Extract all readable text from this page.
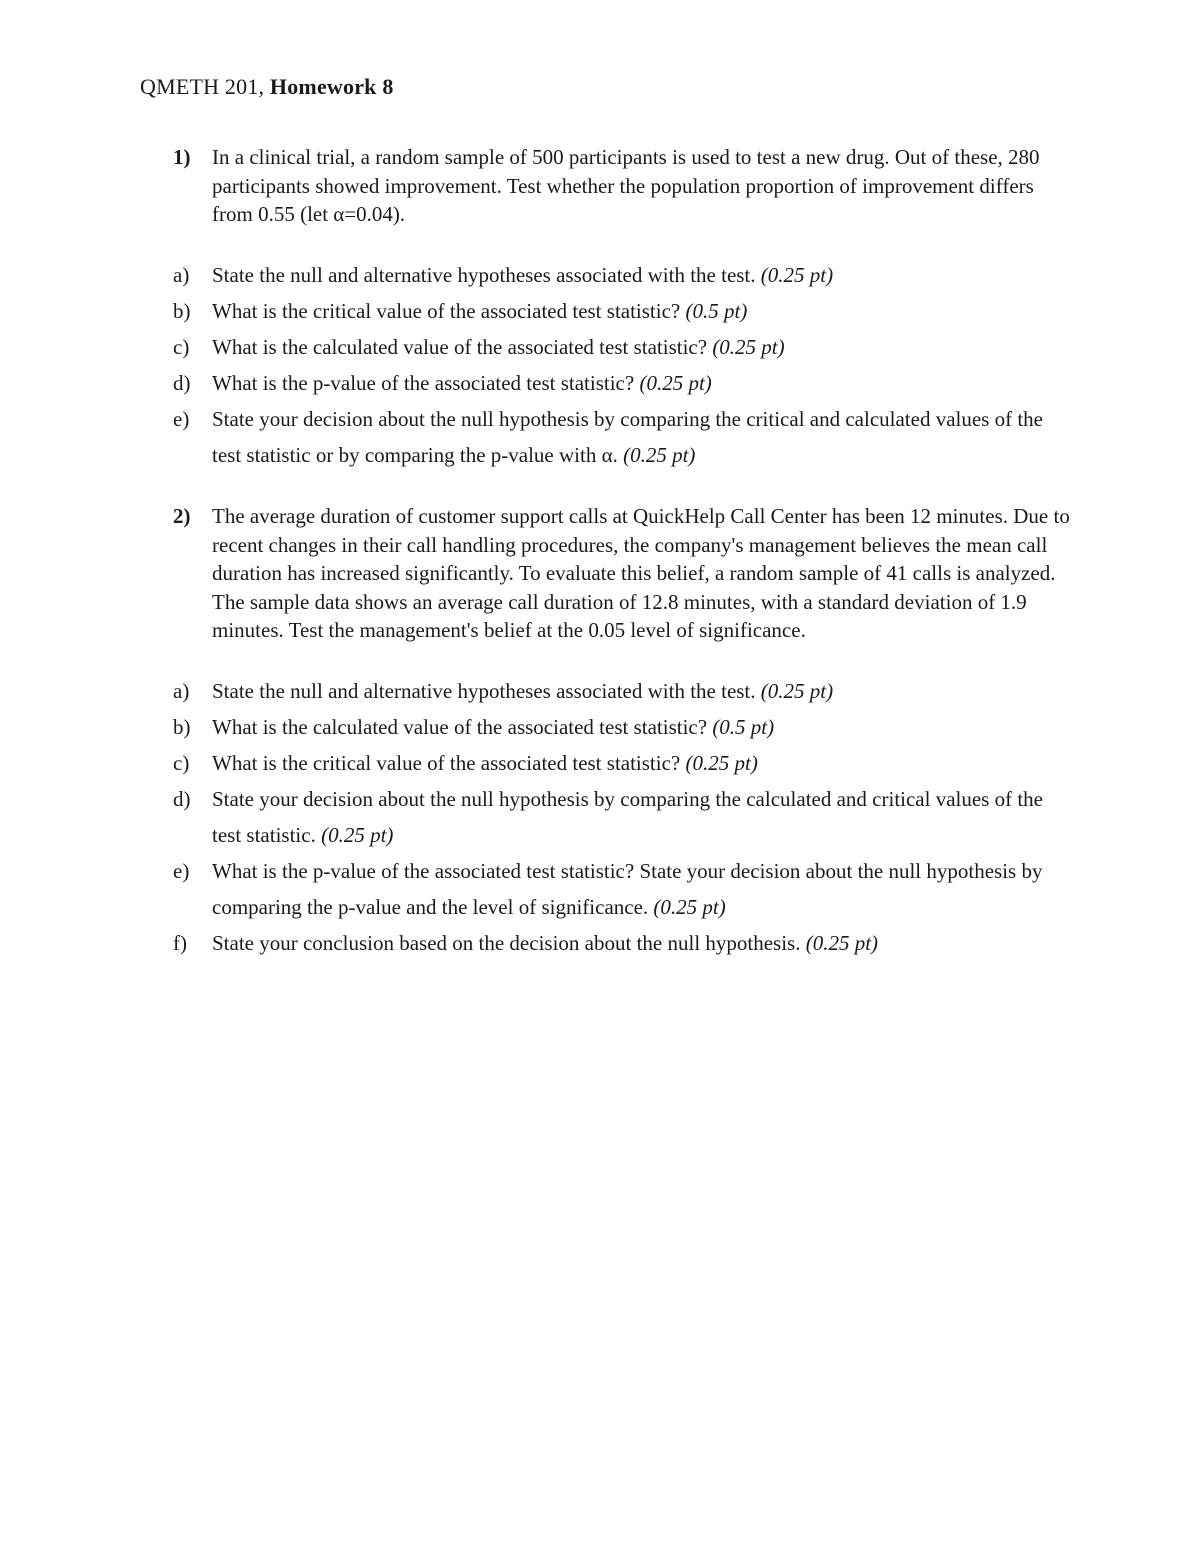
QMETH 201, Homework 8

1) In a clinical trial, a random sample of 500 participants is used to test a new drug. Out of these, 280 participants showed improvement. Test whether the population proportion of improvement differs from 0.55 (let α=0.04).

a) State the null and alternative hypotheses associated with the test. (0.25 pt)
b) What is the critical value of the associated test statistic? (0.5 pt)
c) What is the calculated value of the associated test statistic? (0.25 pt)
d) What is the p-value of the associated test statistic? (0.25 pt)
e) State your decision about the null hypothesis by comparing the critical and calculated values of the test statistic or by comparing the p-value with α. (0.25 pt)

2) The average duration of customer support calls at QuickHelp Call Center has been 12 minutes. Due to recent changes in their call handling procedures, the company's management believes the mean call duration has increased significantly. To evaluate this belief, a random sample of 41 calls is analyzed. The sample data shows an average call duration of 12.8 minutes, with a standard deviation of 1.9 minutes. Test the management's belief at the 0.05 level of significance.

a) State the null and alternative hypotheses associated with the test. (0.25 pt)
b) What is the calculated value of the associated test statistic? (0.5 pt)
c) What is the critical value of the associated test statistic? (0.25 pt)
d) State your decision about the null hypothesis by comparing the calculated and critical values of the test statistic. (0.25 pt)
e) What is the p-value of the associated test statistic? State your decision about the null hypothesis by comparing the p-value and the level of significance. (0.25 pt)
f) State your conclusion based on the decision about the null hypothesis. (0.25 pt)
